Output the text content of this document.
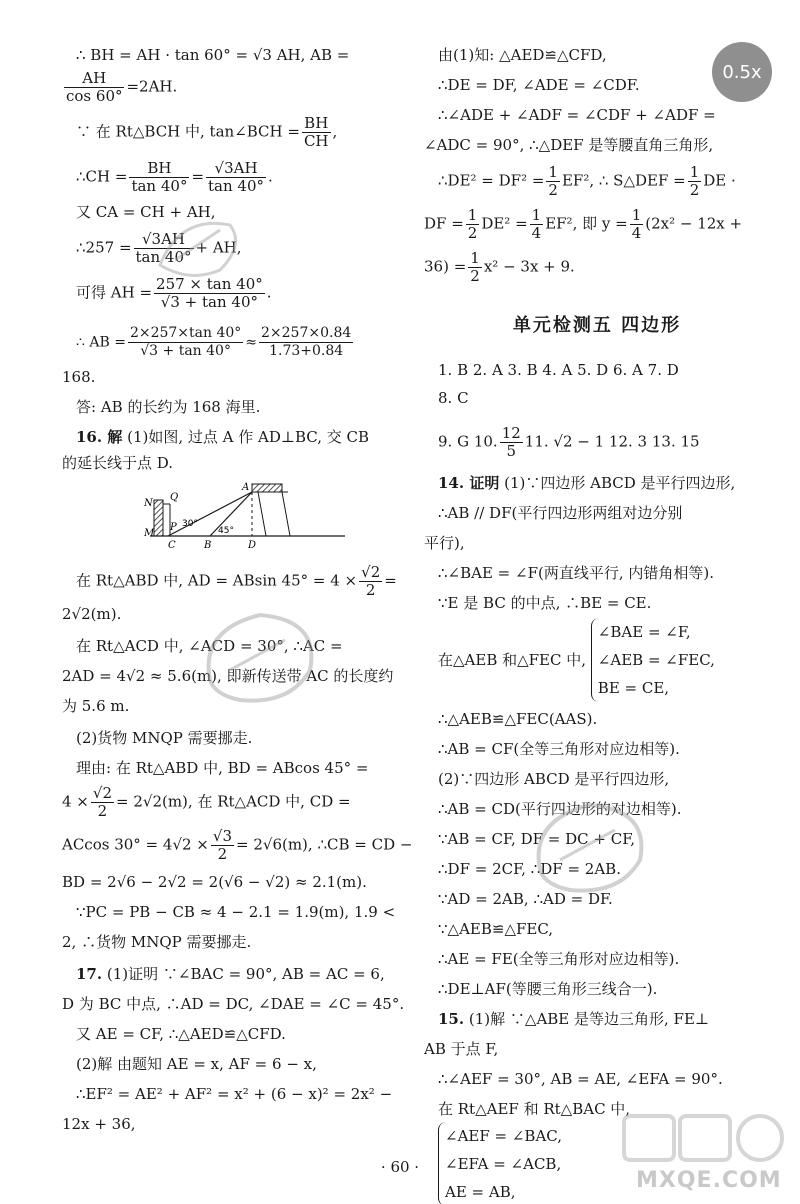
0.5x
∴ BH = AH · tan 60° = √3 AH, AB =
$\frac{AH}{\cos 60^\circ} =2AH$.
∵ 在 Rt△BCH 中, tan∠BCH = $\frac{BH}{CH}$ ,
∴CH = $\frac{BH}{\tan 40^\circ} = \frac{√3AH}{\tan 40^\circ}$ .
又 CA = CH + AH,
∴257 = $\frac{√3AH}{\tan 40^\circ}$ + AH,
可得 AH = $\frac{257 \times \tan 40^\circ}{√3 + \tan 40^\circ}$ .
∴ AB = $\frac{2\times 257\times\tan 40^\circ}{√3 + \tan 40^\circ} \approx \frac{2\times 257\times 0.84}{1.73+0.84}$
168.
答: AB 的长约为 168 海里.
16. 解 (1)如图, 过点 A 作 AD⊥BC, 交 CB
的延长线于点 D.
N
Q
M
P
C	B	D
A
30°
45°
在 Rt△ABD 中, AD = ABsin $45^\circ = 4 \times \frac{√2}{2}$ =
2√2(m).
在 Rt△ACD 中, ∠ACD = 30°, ∴AC =
2AD = 4√2 ≈ 5.6(m), 即新传送带 AC 的长度约
为 5.6 m.
(2)货物 MNQP 需要挪走.
理由: 在 Rt△ABD 中, BD = ABcos 45° =
$4 \times \frac{√2}{2} = 2√2(m)$, 在 Rt△ACD 中, CD =
ACcos $30^\circ = 4√2 \times \frac{√3}{2} = 2√6(m)$, ∴CB = CD −
BD = 2√6 − 2√2 = 2(√6 − √2) ≈ 2.1(m).
∵PC = PB − CB ≈ 4 − 2.1 = 1.9(m), 1.9 <
2, ∴货物 MNQP 需要挪走.
17. (1)证明 ∵∠BAC = 90°, AB = AC = 6,
D 为 BC 中点, ∴AD = DC, ∠DAE = ∠C = 45°.
又 AE = CF, ∴△AED≌△CFD.
(2)解 由题知 AE = x, AF = 6 − x,
∴EF² = AE² + AF² = x² + (6 − x)² = 2x² −
12x + 36,
由(1)知: △AED≌△CFD,
∴DE = DF, ∠ADE = ∠CDF.
∴∠ADE + ∠ADF = ∠CDF + ∠ADF =
∠ADC = 90°, ∴△DEF 是等腰直角三角形,
∴DE² = $DF^2 = \frac{1}{2} EF^2$, ∴ S△DEF = $\frac{1}{2}$ DE ·
DF = $\frac{1}{2} DE^2 = \frac{1}{4} EF^2$, 即 $y = \frac{1}{4} (2x^2 - 12x$ +
$36) = \frac{1}{2} x^2 - 3x + 9$.
单元检测五 四边形
1. B 2. A 3. B 4. A 5. D 6. A 7. D
8. C
9. G 10. $\frac{12}{5} 11$. √2 − 1 12. 3 13. 15
14. 证明 (1)∵四边形 ABCD 是平行四边形,
∴AB // DF(平行四边形两组对边分别
平行),
∴∠BAE = ∠F(两直线平行, 内错角相等).
∵E 是 BC 的中点, ∴BE = CE.
在△AEB 和△FEC 中,
∠BAE = ∠F,
∠AEB = ∠FEC,
BE = CE,
∴△AEB≌△FEC(AAS).
∴AB = CF(全等三角形对应边相等).
(2)∵四边形 ABCD 是平行四边形,
∴AB = CD(平行四边形的对边相等).
∵AB = CF, DF = DC + CF,
∴DF = 2CF, ∴DF = 2AB.
∵AD = 2AB, ∴AD = DF.
∵△AEB≌△FEC,
∴AE = FE(全等三角形对应边相等).
∴DE⊥AF(等腰三角形三线合一).
15. (1)解 ∵△ABE 是等边三角形, FE⊥
AB 于点 F,
∴∠AEF = 30°, AB = AE, ∠EFA = 90°.
在 Rt△AEF 和 Rt△BAC 中,
∠AEF = ∠BAC,
∠EFA = ∠ACB,
AE = AB,	MXQE.COM
· 60 ·
